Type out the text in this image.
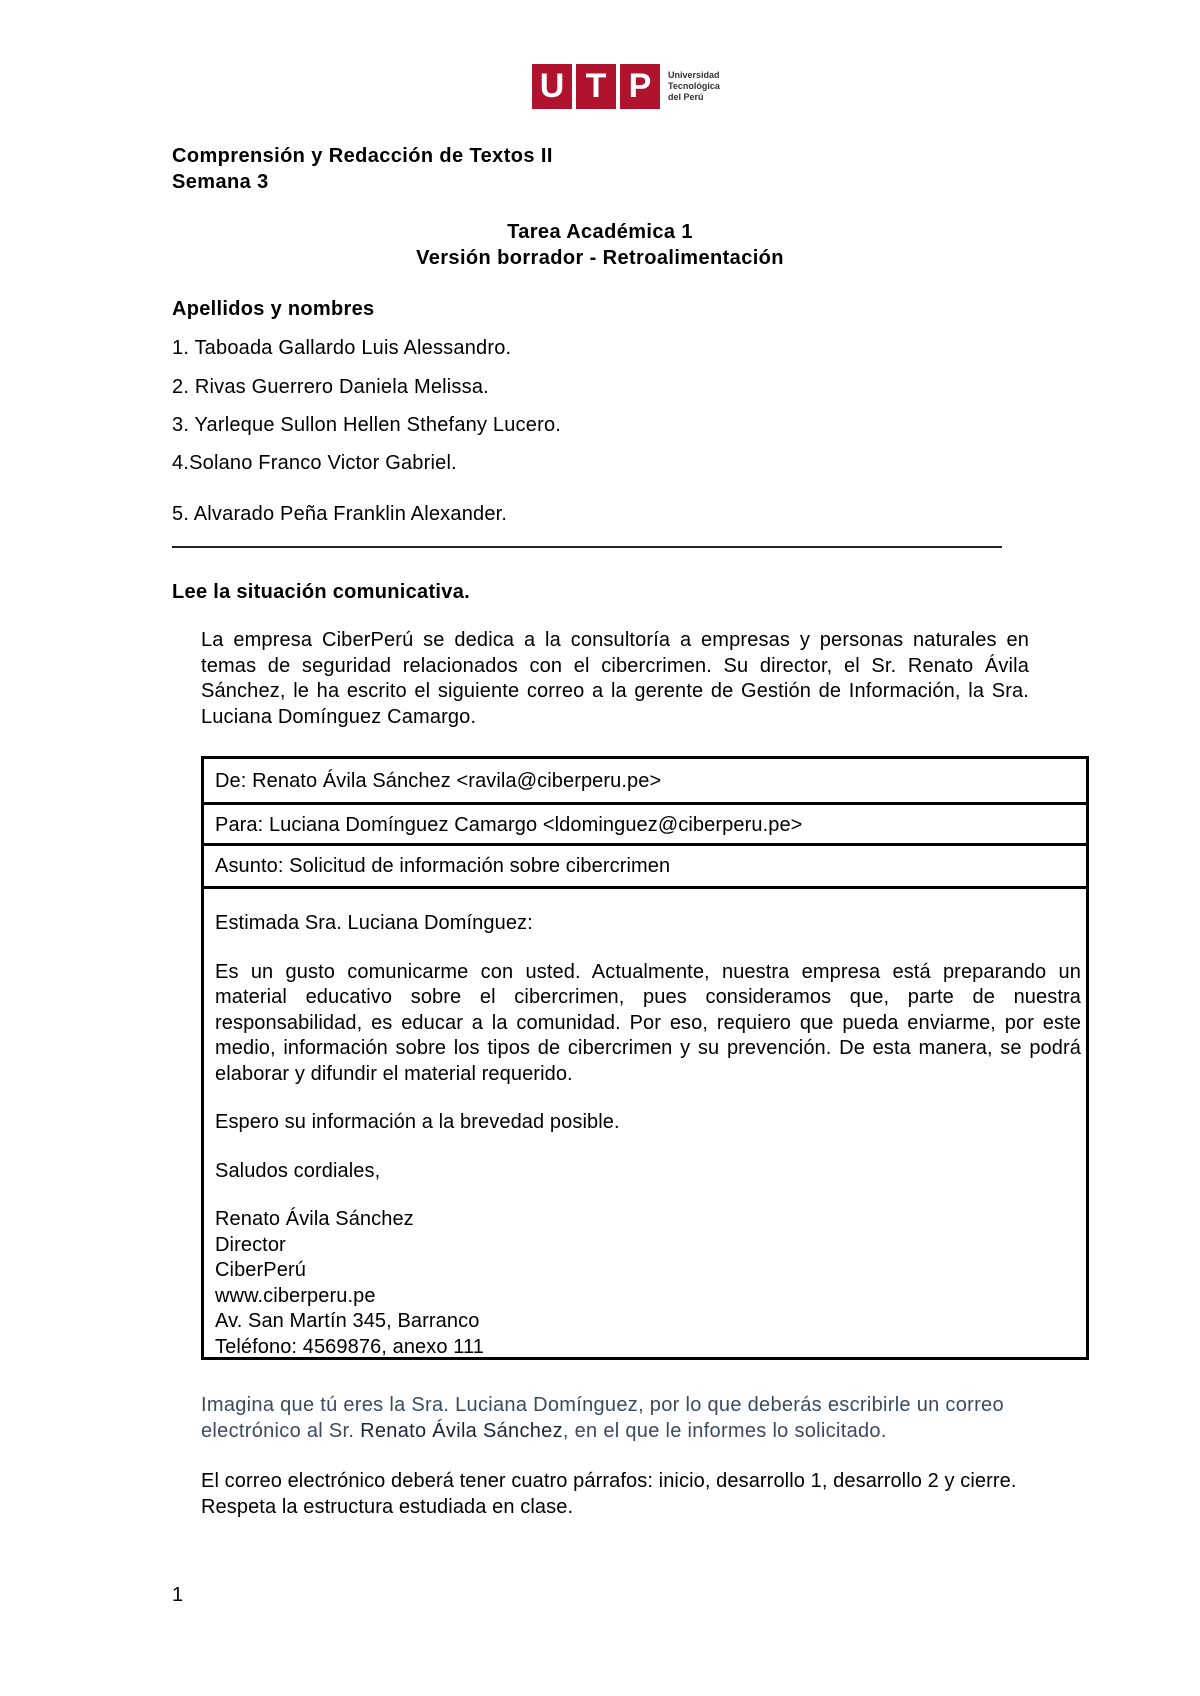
U T P	Universidad
Tecnológica
del Perú
Comprensión y Redacción de Textos II
Semana 3
Tarea Académica 1
Versión borrador - Retroalimentación
Apellidos y nombres
1. Taboada Gallardo Luis Alessandro.
2. Rivas Guerrero Daniela Melissa.
3. Yarleque Sullon Hellen Sthefany Lucero.
4.Solano Franco Victor Gabriel.
5. Alvarado Peña Franklin Alexander.
Lee la situación comunicativa.
La empresa CiberPerú se dedica a la consultoría a empresas y personas naturales en temas de seguridad relacionados con el cibercrimen. Su director, el Sr. Renato Ávila Sánchez, le ha escrito el siguiente correo a la gerente de Gestión de Información, la Sra. Luciana Domínguez Camargo.
De: Renato Ávila Sánchez <ravila@ciberperu.pe>
Para: Luciana Domínguez Camargo <ldominguez@ciberperu.pe>
Asunto: Solicitud de información sobre cibercrimen

Estimada Sra. Luciana Domínguez:

Es un gusto comunicarme con usted. Actualmente, nuestra empresa está preparando un material educativo sobre el cibercrimen, pues consideramos que, parte de nuestra responsabilidad, es educar a la comunidad. Por eso, requiero que pueda enviarme, por este medio, información sobre los tipos de cibercrimen y su prevención. De esta manera, se podrá elaborar y difundir el material requerido.

Espero su información a la brevedad posible.

Saludos cordiales,

Renato Ávila Sánchez
Director
CiberPerú
www.ciberperu.pe
Av. San Martín 345, Barranco
Teléfono: 4569876, anexo 111
Imagina que tú eres la Sra. Luciana Domínguez, por lo que deberás escribirle un correo electrónico al Sr. Renato Ávila Sánchez, en el que le informes lo solicitado.
El correo electrónico deberá tener cuatro párrafos: inicio, desarrollo 1, desarrollo 2 y cierre. Respeta la estructura estudiada en clase.
1
